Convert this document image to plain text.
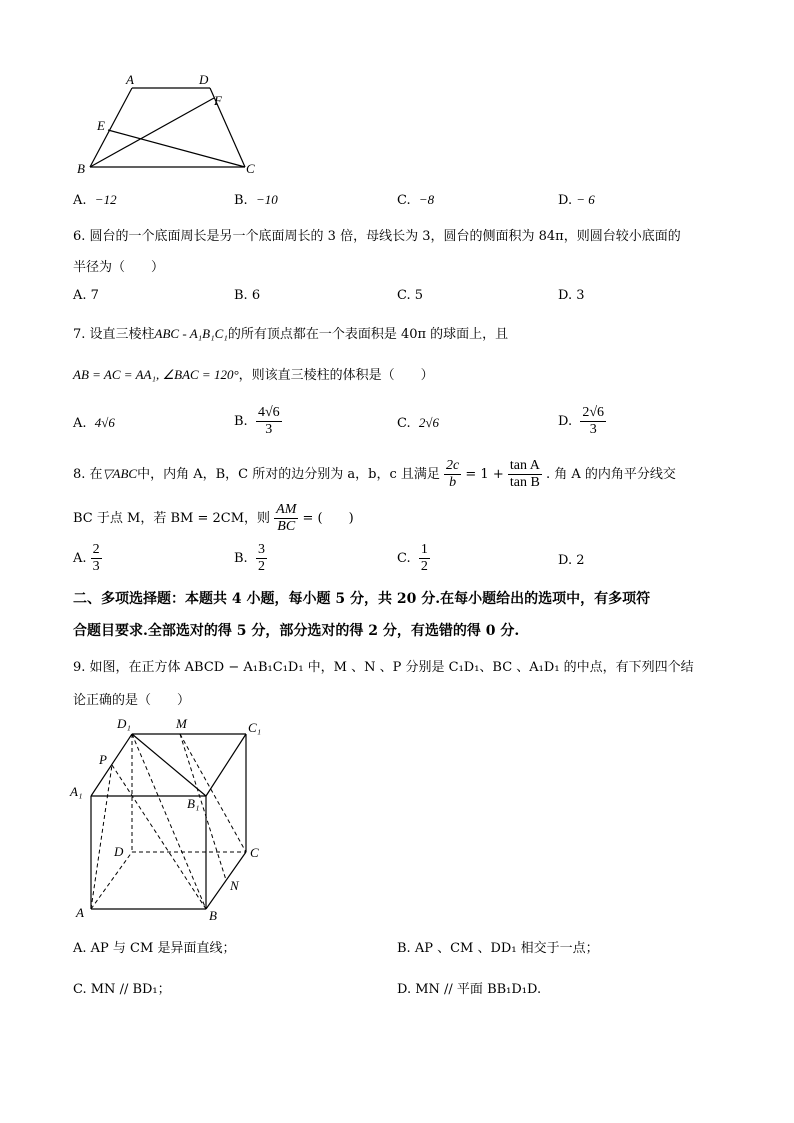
A	D
F
E
B	C
A. −12	B. −10	C. −8	D. − 6
6. 圆台的一个底面周长是另一个底面周长的 3 倍，母线长为 3，圆台的侧面积为 84π，则圆台较小底面的
半径为（　　）
A. 7	B. 6	C. 5	D. 3
7. 设直三棱柱ABC - A₁B₁C₁的所有顶点都在一个表面积是 40π 的球面上，且
AB = AC = AA₁, ∠BAC = 120°，则该直三棱柱的体积是（　　）
A. 4√6	B. $\frac{4√6}{3}$	C. 2√6	D. $\frac{2√6}{3}$
8. 在▽ABC中，内角 A，B，C 所对的边分别为 a，b，c 且满足 $\frac{2c}{b} = 1 + \frac{\text{tan A}}{\text{tan B}}$ . 角 A 的内角平分线交
BC 于点 M，若 BM = 2CM，则 $\frac{AM}{BC}$ = (　　)
A. $\frac{2}{3}$	B. $\frac{3}{2}$	C. $\frac{1}{2}$	D. 2
二、多项选择题：本题共 4 小题，每小题 5 分，共 20 分.在每小题给出的选项中，有多项符
合题目要求.全部选对的得 5 分，部分选对的得 2 分，有选错的得 0 分.
9. 如图，在正方体 ABCD − A₁B₁C₁D₁ 中，M 、N 、P 分别是 C₁D₁、BC 、A₁D₁ 的中点，有下列四个结
论正确的是（　　）
D₁	M	C₁
P
A₁
B₁
D	C
N
A	B
A. AP 与 CM 是异面直线；	B. AP 、CM 、DD₁ 相交于一点；
C. MN // BD₁；	D. MN // 平面 BB₁D₁D.
